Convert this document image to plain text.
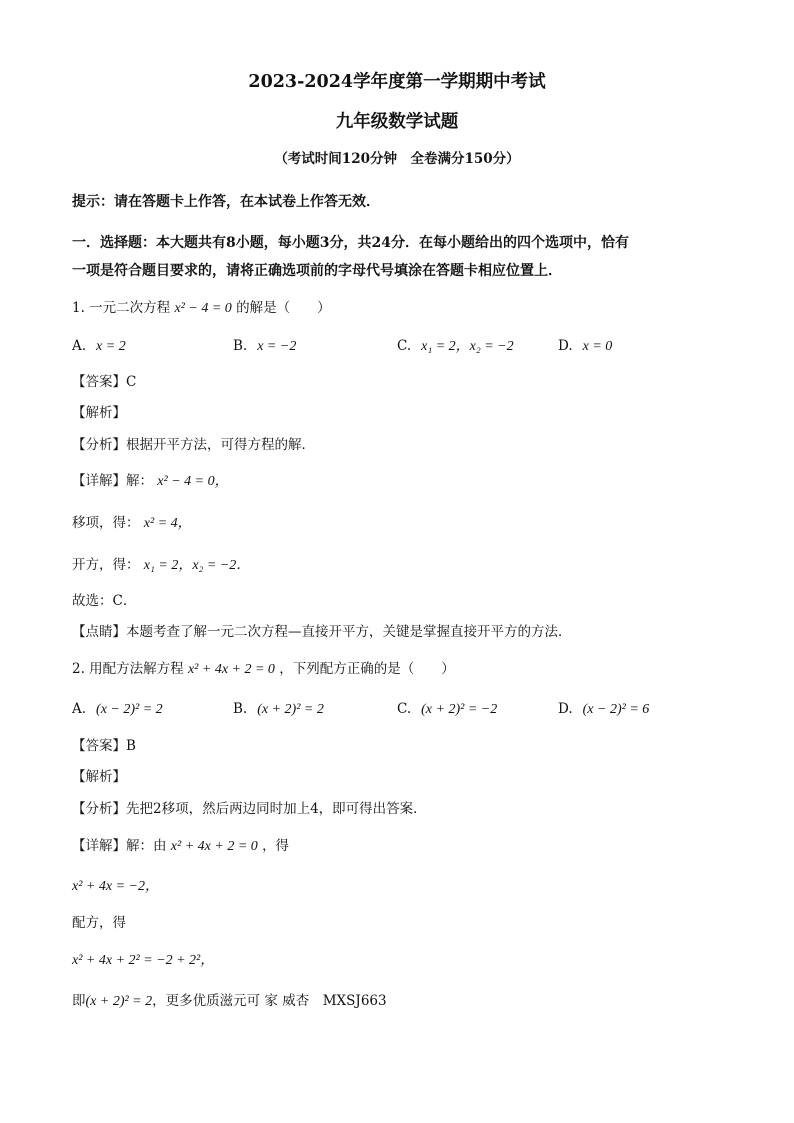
2023-2024学年度第一学期期中考试
九年级数学试题
（考试时间120分钟　全卷满分150分）
提示：请在答题卡上作答，在本试卷上作答无效．
一．选择题：本大题共有8小题，每小题3分，共24分．在每小题给出的四个选项中，恰有
一项是符合题目要求的，请将正确选项前的字母代号填涂在答题卡相应位置上．
1. 一元二次方程 x² − 4 = 0 的解是（　　）
A. x = 2	B. x = −2	C. x₁ = 2，x₂ = −2	D. x = 0
【答案】C
【解析】
【分析】根据开平方法，可得方程的解．
【详解】解： x² − 4 = 0，
移项，得： x² = 4，
开方，得： x₁ = 2，x₂ = −2．
故选：C．
【点睛】本题考查了解一元二次方程—直接开平方，关键是掌握直接开平方的方法．
2. 用配方法解方程 x² + 4x + 2 = 0 ，下列配方正确的是（　　）
A. (x − 2)² = 2	B. (x + 2)² = 2	C. (x + 2)² = −2	D. (x − 2)² = 6
【答案】B
【解析】
【分析】先把2移项，然后两边同时加上4，即可得出答案．
【详解】解：由 x² + 4x + 2 = 0 ，得
x² + 4x = −2，
配方，得
x² + 4x + 2² = −2 + 2²，
即(x + 2)² = 2，更多优质滋元可 家 威杏　MXSJ663
